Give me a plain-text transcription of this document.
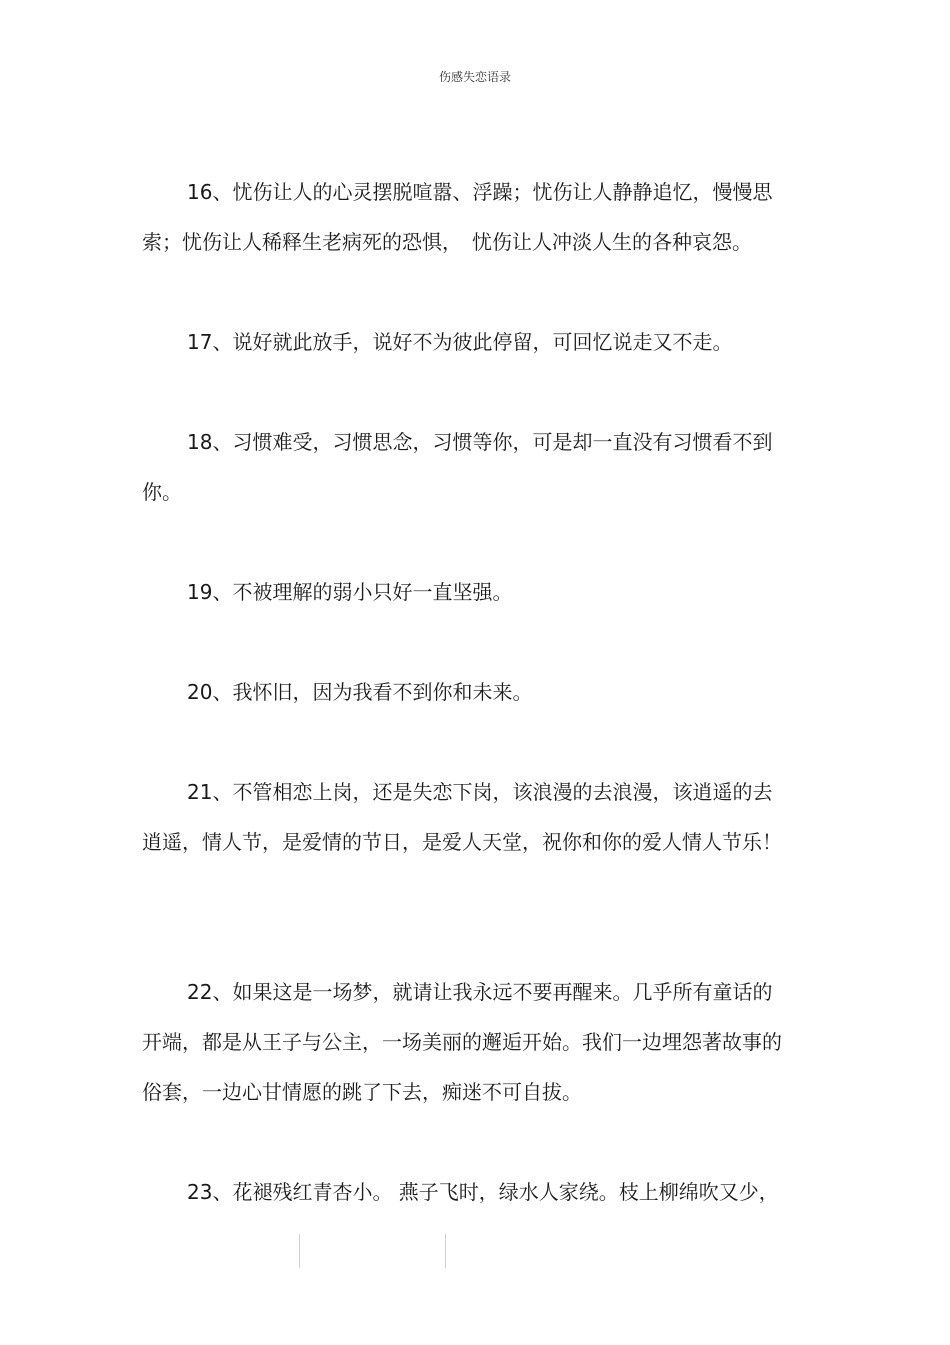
伤感失恋语录

16、忧伤让人的心灵摆脱喧嚣、浮躁；忧伤让人静静追忆，慢慢思索；忧伤让人稀释生老病死的恐惧，　忧伤让人冲淡人生的各种哀怨。

17、说好就此放手，说好不为彼此停留，可回忆说走又不走。

18、习惯难受，习惯思念，习惯等你，可是却一直没有习惯看不到你。

19、不被理解的弱小只好一直坚强。

20、我怀旧，因为我看不到你和未来。

21、不管相恋上岗，还是失恋下岗，该浪漫的去浪漫，该逍遥的去逍遥，情人节，是爱情的节日，是爱人天堂，祝你和你的爱人情人节乐！

22、如果这是一场梦，就请让我永远不要再醒来。几乎所有童话的开端，都是从王子与公主，一场美丽的邂逅开始。我们一边埋怨著故事的俗套，一边心甘情愿的跳了下去，痴迷不可自拔。

23、花褪残红青杏小。 燕子飞时，绿水人家绕。枝上柳绵吹又少，
